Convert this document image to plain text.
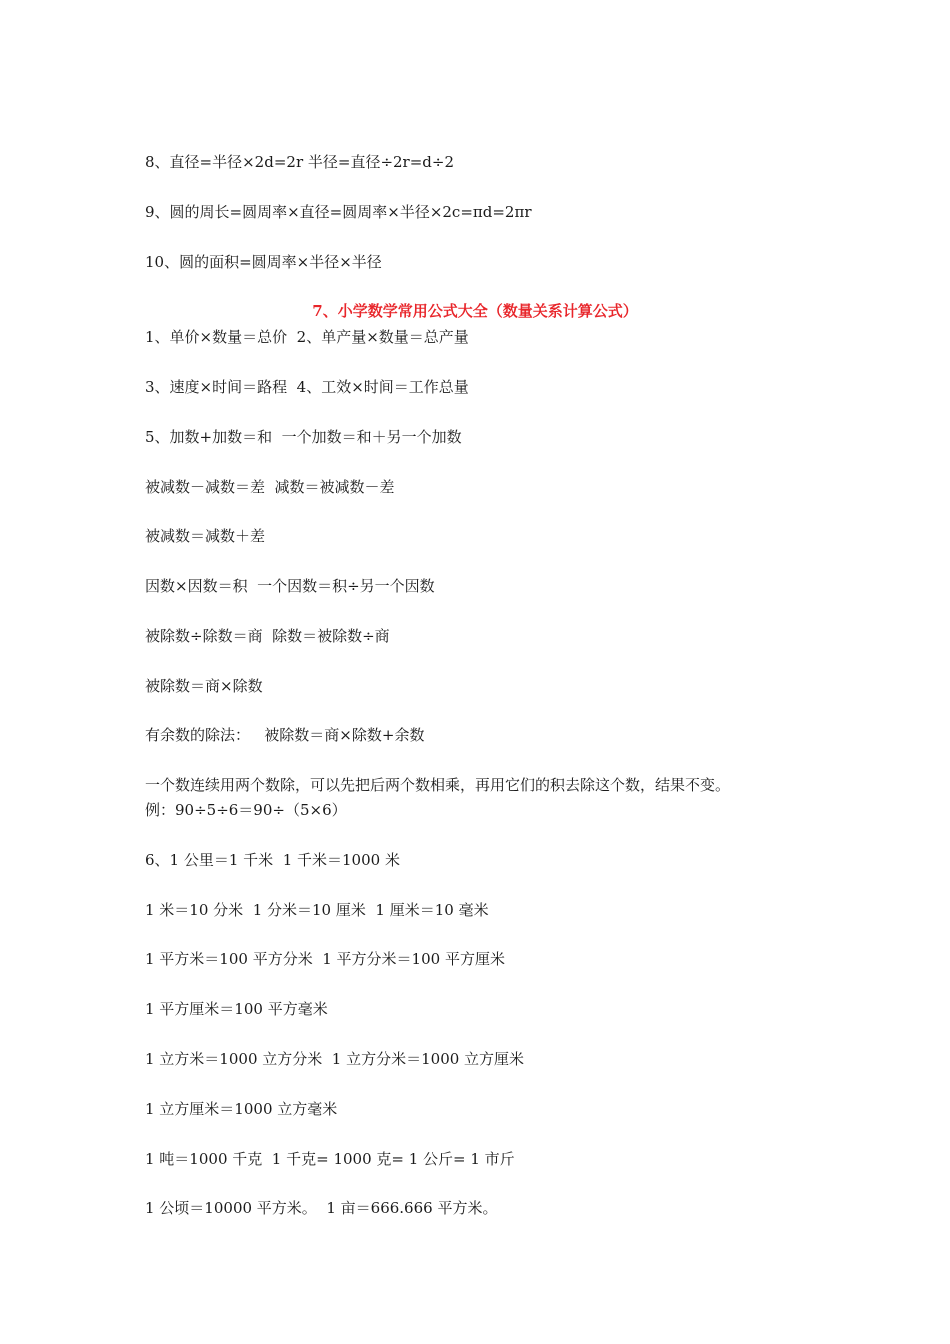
8、直径=半径×2d=2r 半径=直径÷2r=d÷2
9、圆的周长=圆周率×直径=圆周率×半径×2c=πd=2πr
10、圆的面积=圆周率×半径×半径
7、小学数学常用公式大全（数量关系计算公式）
1、单价×数量＝总价  2、单产量×数量＝总产量
3、速度×时间＝路程  4、工效×时间＝工作总量
5、加数+加数＝和  一个加数＝和＋另一个加数
被减数－减数＝差  减数＝被减数－差
被减数＝减数＋差
因数×因数＝积  一个因数＝积÷另一个因数
被除数÷除数＝商  除数＝被除数÷商
被除数＝商×除数
有余数的除法：   被除数＝商×除数+余数
一个数连续用两个数除，可以先把后两个数相乘，再用它们的积去除这个数，结果不变。
例：90÷5÷6＝90÷（5×6）
6、1 公里＝1 千米  1 千米＝1000 米
1 米＝10 分米  1 分米＝10 厘米  1 厘米＝10 毫米
1 平方米＝100 平方分米  1 平方分米＝100 平方厘米
1 平方厘米＝100 平方毫米
1 立方米＝1000 立方分米  1 立方分米＝1000 立方厘米
1 立方厘米＝1000 立方毫米
1 吨＝1000 千克  1 千克= 1000 克= 1 公斤= 1 市斤
1 公顷＝10000 平方米。  1 亩＝666.666 平方米。
